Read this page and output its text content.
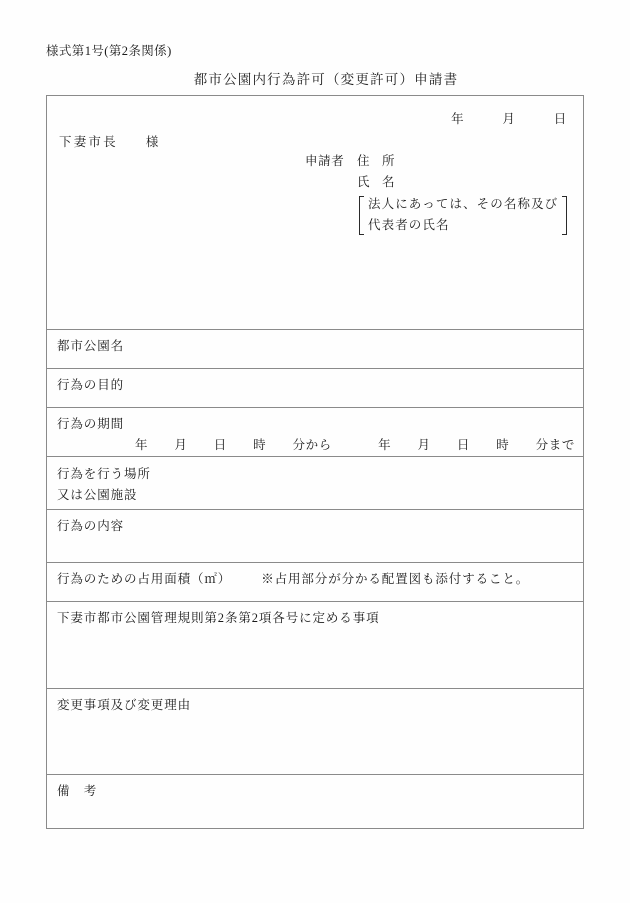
様式第1号(第2条関係)
都市公園内行為許可（変更許可）申請書
年	月	日
下妻市長 様
申請者	住　所
氏　名
法人にあっては、その名称及び
代表者の氏名

都市公園名

行為の目的

行為の期間
年 月 日 時 分から	年 月 日 時 分まで

行為を行う場所
又は公園施設

行為の内容

行為のための占用面積（㎡） ※占用部分が分かる配置図も添付すること。

下妻市都市公園管理規則第2条第2項各号に定める事項

変更事項及び変更理由

備　考
